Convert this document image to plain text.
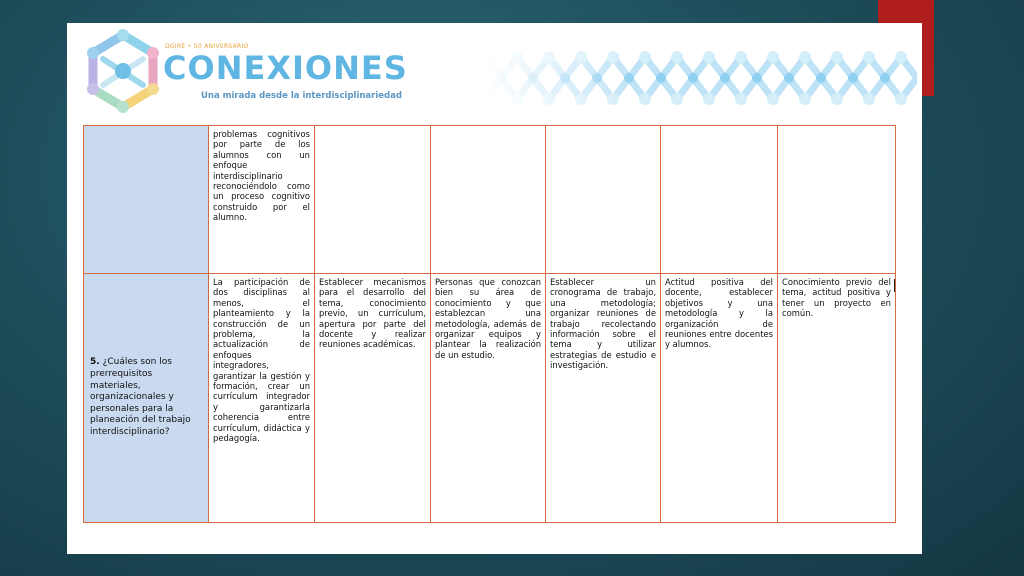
DGIRE • 50 ANIVERSARIO
CONEXIONES
Una mirada desde la interdisciplinariedad
	problemas cognitivos por parte de los alumnos con un enfoque interdisciplinario reconociéndolo como un proceso cognitivo construido por el alumno.					
5. ¿Cuáles son los prerrequisitos materiales, organizacionales y personales para la planeación del trabajo interdisciplinario?	La participación de dos disciplinas al menos, el planteamiento y la construcción de un problema, la actualización de enfoques integradores, garantizar la gestión y formación, crear un currículum integrador y garantizarla coherencia entre currículum, didáctica y pedagogía.	Establecer mecanismos para el desarrollo del tema, conocimiento previo, un currículum, apertura por parte del docente y realizar reuniones académicas.	Personas que conozcan bien su área de conocimiento y que establezcan una metodología, además de organizar equipos y plantear la realización de un estudio.	Establecer un cronograma de trabajo, una metodología; organizar reuniones de trabajo recolectando información sobre el tema y utilizar estrategias de estudio e investigación.	Actitud positiva del docente, establecer objetivos y una metodología y la organización de reuniones entre docentes y alumnos.	Conocimiento previo del tema, actitud positiva y tener un proyecto en común.
